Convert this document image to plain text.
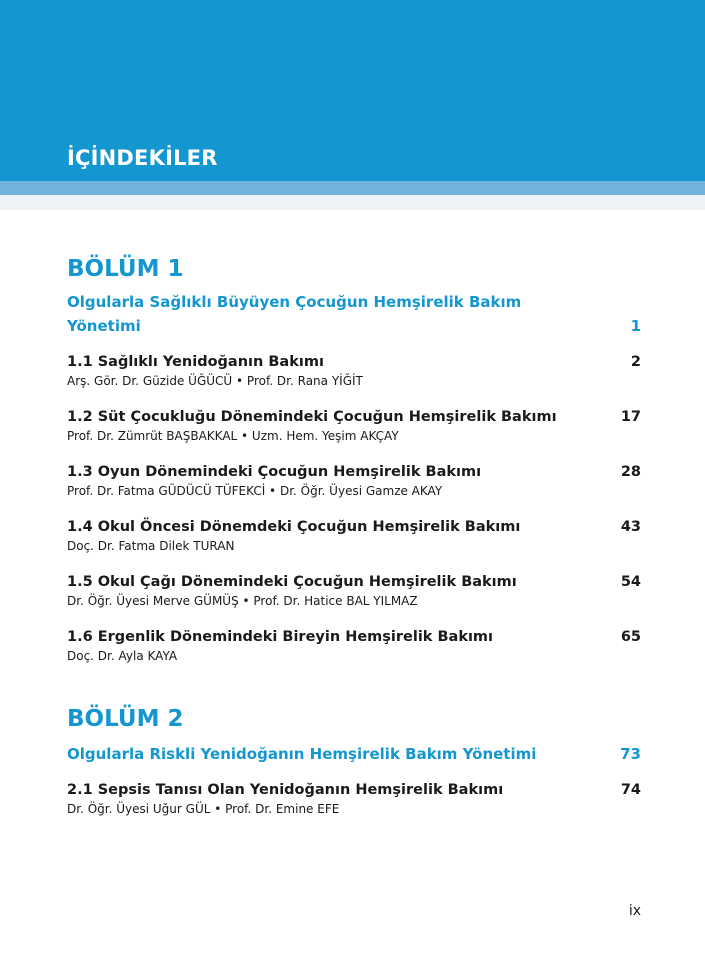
İÇİNDEKİLER
BÖLÜM 1
Olgularla Sağlıklı Büyüyen Çocuğun Hemşirelik Bakım
Yönetimi	1
1.1 Sağlıklı Yenidoğanın Bakımı	2
Arş. Gör. Dr. Güzide ÜĞÜCÜ • Prof. Dr. Rana YİĞİT
1.2 Süt Çocukluğu Dönemindeki Çocuğun Hemşirelik Bakımı	17
Prof. Dr. Zümrüt BAŞBAKKAL • Uzm. Hem. Yeşim AKÇAY
1.3 Oyun Dönemindeki Çocuğun Hemşirelik Bakımı	28
Prof. Dr. Fatma GÜDÜCÜ TÜFEKCİ • Dr. Öğr. Üyesi Gamze AKAY
1.4 Okul Öncesi Dönemdeki Çocuğun Hemşirelik Bakımı	43
Doç. Dr. Fatma Dilek TURAN
1.5 Okul Çağı Dönemindeki Çocuğun Hemşirelik Bakımı	54
Dr. Öğr. Üyesi Merve GÜMÜŞ • Prof. Dr. Hatice BAL YILMAZ
1.6 Ergenlik Dönemindeki Bireyin Hemşirelik Bakımı	65
Doç. Dr. Ayla KAYA
BÖLÜM 2
Olgularla Riskli Yenidoğanın Hemşirelik Bakım Yönetimi	73
2.1 Sepsis Tanısı Olan Yenidoğanın Hemşirelik Bakımı	74
Dr. Öğr. Üyesi Uğur GÜL • Prof. Dr. Emine EFE
ix
